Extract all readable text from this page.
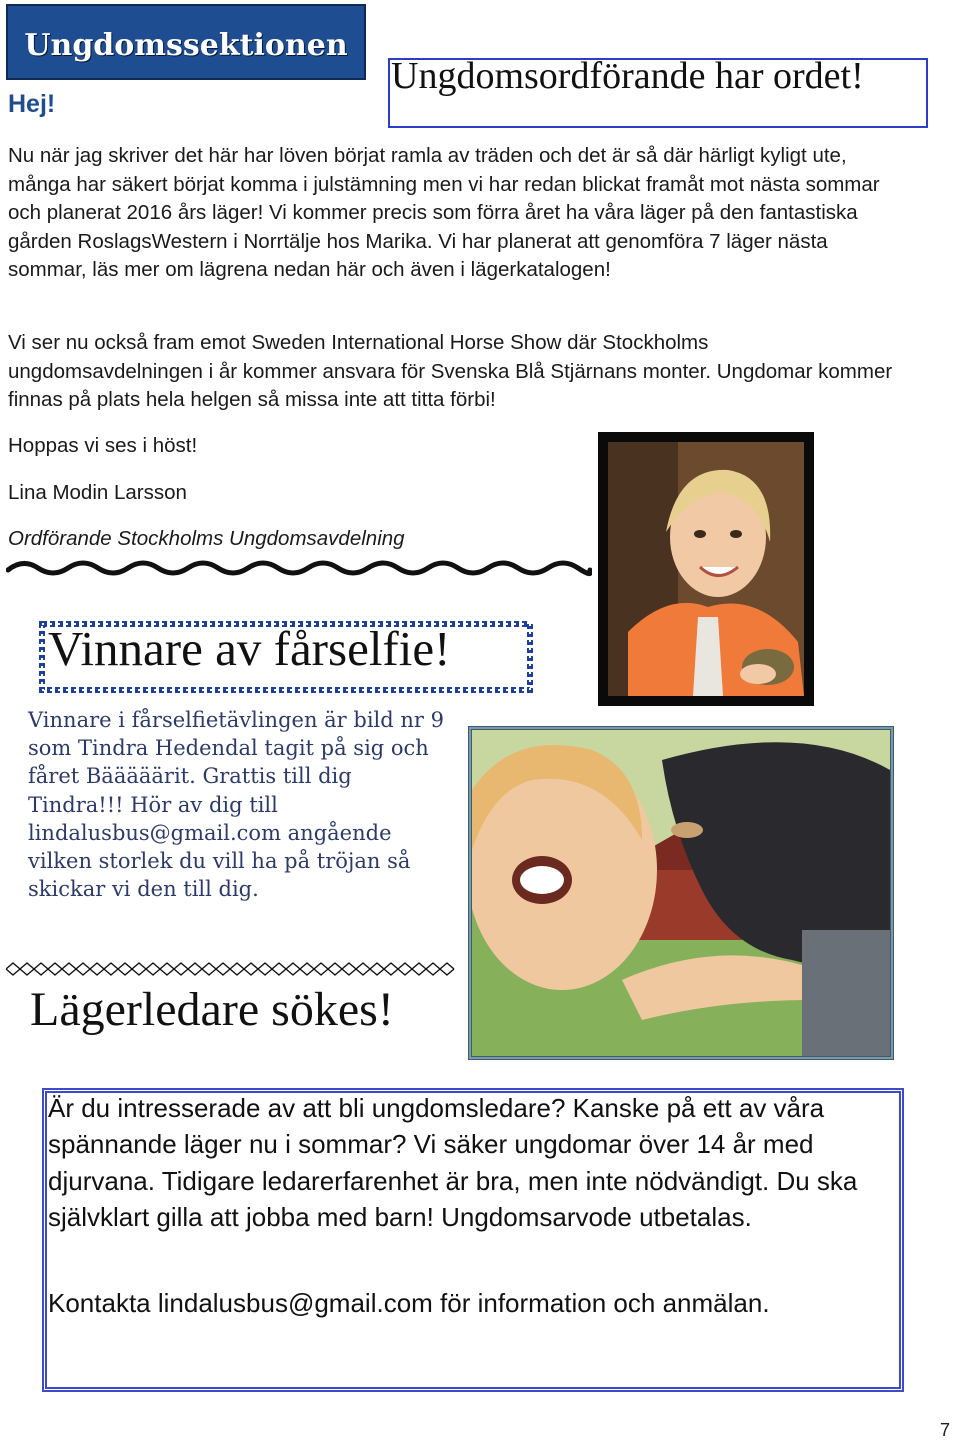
Ungdomssektionen
Hej!
Ungdomsordförande har ordet!
Nu när jag skriver det här har löven börjat ramla av träden och det är så där härligt kyligt ute, många har säkert börjat komma i julstämning men vi har redan blickat framåt mot nästa sommar och planerat 2016 års läger! Vi kommer precis som förra året ha våra läger på den fantastiska gården RoslagsWestern i Norrtälje hos Marika. Vi har planerat att genomföra 7 läger nästa sommar, läs mer om lägrena nedan här och även i lägerkatalogen!
Vi ser nu också fram emot Sweden International Horse Show där Stockholms ungdomsavdelningen i år kommer ansvara för Svenska Blå Stjärnans monter. Ungdomar kommer finnas på plats hela helgen så missa inte att titta förbi!
Hoppas vi ses i höst!
Lina Modin Larsson
Ordförande Stockholms Ungdomsavdelning
Vinnare av fårselfie!
Vinnare i fårselfietävlingen är bild nr 9 som Tindra Hedendal tagit på sig och fåret Bääääärit. Grattis till dig Tindra!!! Hör av dig till lindalusbus@gmail.com angående vilken storlek du vill ha på tröjan så skickar vi den till dig.
Lägerledare sökes!
Är du intresserade av att bli ungdomsledare? Kanske på ett av våra spännande läger nu i sommar? Vi säker ungdomar över 14 år med djurvana. Tidigare ledarerfarenhet är bra, men inte nödvändigt. Du ska självklart gilla att jobba med barn! Ungdomsarvode utbetalas.
Kontakta lindalusbus@gmail.com för information och anmälan.
7
